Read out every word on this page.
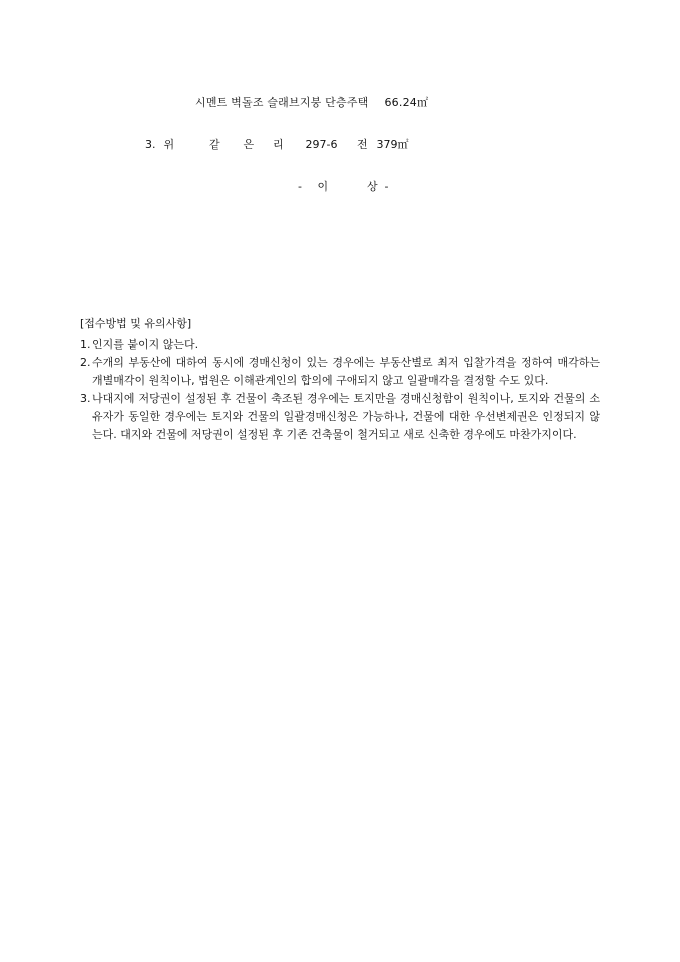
시멘트 벽돌조 슬래브지붕 단층주택 66.24㎡
3. 위	같 은 리 297-6 전 379㎡
- 이	상 -
[접수방법 및 유의사항]
1. 인지를 붙이지 않는다.
2. 수개의 부동산에 대하여 동시에 경매신청이 있는 경우에는 부동산별로 최저 입찰가격을 정하여 매각하는 개별매각이 원칙이나, 법원은 이해관계인의 합의에 구애되지 않고 일괄매각을 결정할 수도 있다.
3. 나대지에 저당권이 설정된 후 건물이 축조된 경우에는 토지만을 경매신청함이 원칙이나, 토지와 건물의 소유자가 동일한 경우에는 토지와 건물의 일괄경매신청은 가능하나, 건물에 대한 우선변제권은 인정되지 않는다. 대지와 건물에 저당권이 설정된 후 기존 건축물이 철거되고 새로 신축한 경우에도 마찬가지이다.
